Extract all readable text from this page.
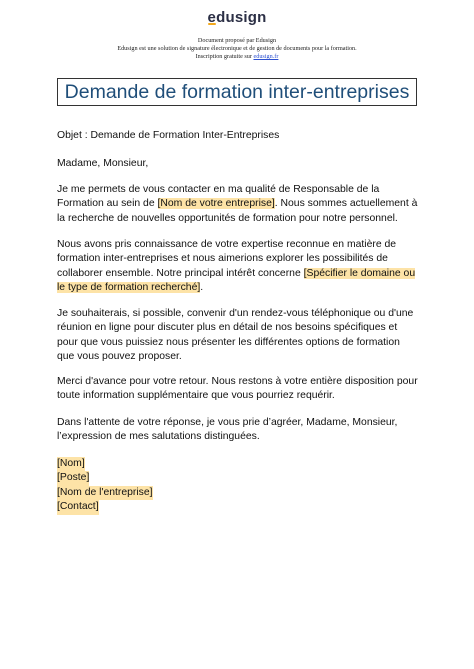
edusign
Document proposé par Edusign
Edusign est une solution de signature électronique et de gestion de documents pour la formation.
Inscription gratuite sur edusign.fr
Demande de formation inter-entreprises

Objet : Demande de Formation Inter-Entreprises

Madame, Monsieur,

Je me permets de vous contacter en ma qualité de Responsable de la Formation au sein de [Nom de votre entreprise]. Nous sommes actuellement à la recherche de nouvelles opportunités de formation pour notre personnel.

Nous avons pris connaissance de votre expertise reconnue en matière de formation inter-entreprises et nous aimerions explorer les possibilités de collaborer ensemble. Notre principal intérêt concerne [Spécifier le domaine ou le type de formation recherché].

Je souhaiterais, si possible, convenir d'un rendez-vous téléphonique ou d'une réunion en ligne pour discuter plus en détail de nos besoins spécifiques et pour que vous puissiez nous présenter les différentes options de formation que vous pouvez proposer.

Merci d'avance pour votre retour. Nous restons à votre entière disposition pour toute information supplémentaire que vous pourriez requérir.

Dans l'attente de votre réponse, je vous prie d’agréer, Madame, Monsieur, l’expression de mes salutations distinguées.

[Nom]
[Poste]
[Nom de l'entreprise]
[Contact]
